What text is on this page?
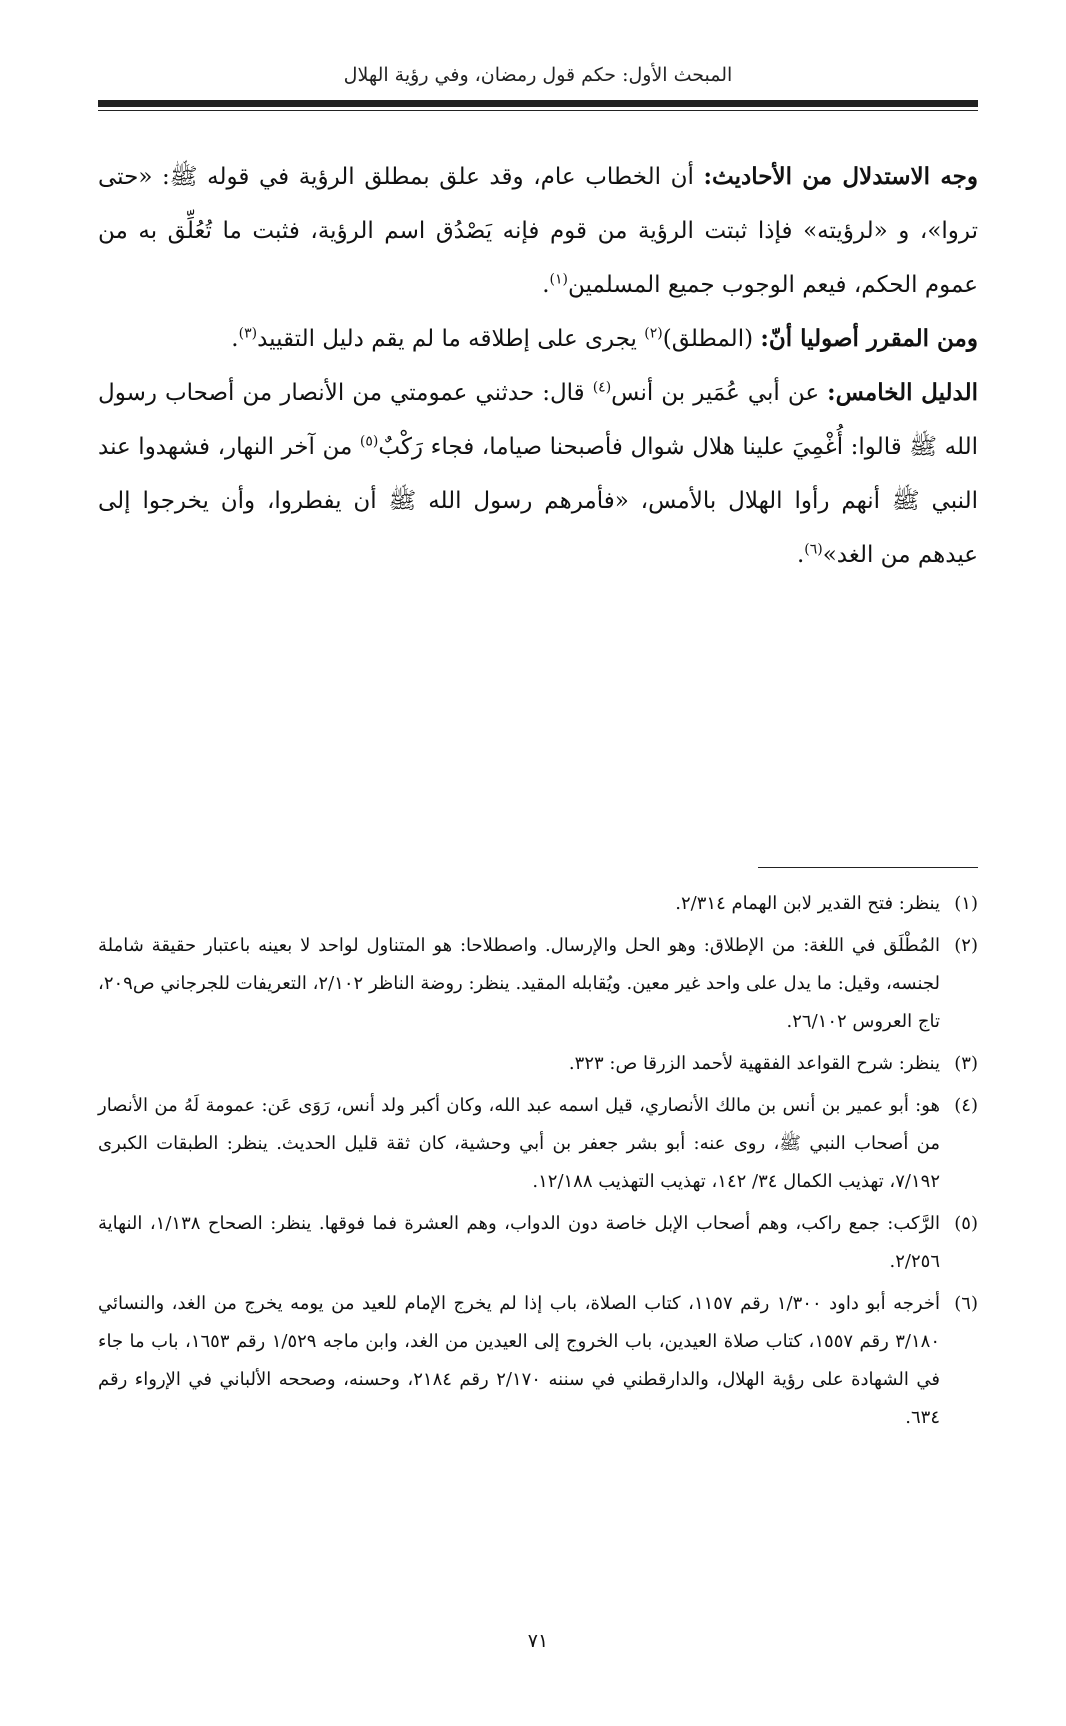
المبحث الأول: حكم قول رمضان، وفي رؤية الهلال

وجه الاستدلال من الأحاديث: أن الخطاب عام، وقد علق بمطلق الرؤية في قوله ﷺ: «حتى تروا»، و «لرؤيته» فإذا ثبتت الرؤية من قوم فإنه يَصْدُق اسم الرؤية، فثبت ما تُعُلِّق به من عموم الحكم، فيعم الوجوب جميع المسلمين$^{(١)}$.

ومن المقرر أصوليا أنّ: (المطلق)$^{(٢)}$ يجرى على إطلاقه ما لم يقم دليل التقييد$^{(٣)}$.

الدليل الخامس: عن أبي عُمَير بن أنس$^{(٤)}$ قال: حدثني عمومتي من الأنصار من أصحاب رسول الله ﷺ قالوا: أُغْمِيَ علينا هلال شوال فأصبحنا صياما، فجاء رَكْبٌ$^{(٥)}$ من آخر النهار، فشهدوا عند النبي ﷺ أنهم رأوا الهلال بالأمس، «فأمرهم رسول الله ﷺ أن يفطروا، وأن يخرجوا إلى عيدهم من الغد»$^{(٦)}$.

(١)
ينظر: فتح القدير لابن الهمام ٢/٣١٤.
(٢)
المُطْلَق في اللغة: من الإطلاق: وهو الحل والإرسال. واصطلاحا: هو المتناول لواحد لا بعينه باعتبار حقيقة شاملة لجنسه، وقيل: ما يدل على واحد غير معين. ويُقابله المقيد. ينظر: روضة الناظر ٢/١٠٢، التعريفات للجرجاني ص٢٠٩، تاج العروس ٢٦/١٠٢.
(٣)
ينظر: شرح القواعد الفقهية لأحمد الزرقا ص: ٣٢٣.
(٤)
هو: أبو عمير بن أنس بن مالك الأنصاري، قيل اسمه عبد الله، وكان أكبر ولد أنس، رَوَى عَن: عمومة لَهُ من الأنصار من أصحاب النبي ﷺ، روى عنه: أبو بشر جعفر بن أبي وحشية، كان ثقة قليل الحديث. ينظر: الطبقات الكبرى ٧/١٩٢، تهذيب الكمال ٣٤/ ١٤٢، تهذيب التهذيب ١٢/١٨٨.
(٥)
الرَّكب: جمع راكب، وهم أصحاب الإبل خاصة دون الدواب، وهم العشرة فما فوقها. ينظر: الصحاح ١/١٣٨، النهاية ٢/٢٥٦.
(٦)
أخرجه أبو داود ١/٣٠٠ رقم ١١٥٧، كتاب الصلاة، باب إذا لم يخرج الإمام للعيد من يومه يخرج من الغد، والنسائي ٣/١٨٠ رقم ١٥٥٧، كتاب صلاة العيدين، باب الخروج إلى العيدين من الغد، وابن ماجه ١/٥٢٩ رقم ١٦٥٣، باب ما جاء في الشهادة على رؤية الهلال، والدارقطني في سننه ٢/١٧٠ رقم ٢١٨٤، وحسنه، وصححه الألباني في الإرواء رقم ٦٣٤.
٧١
